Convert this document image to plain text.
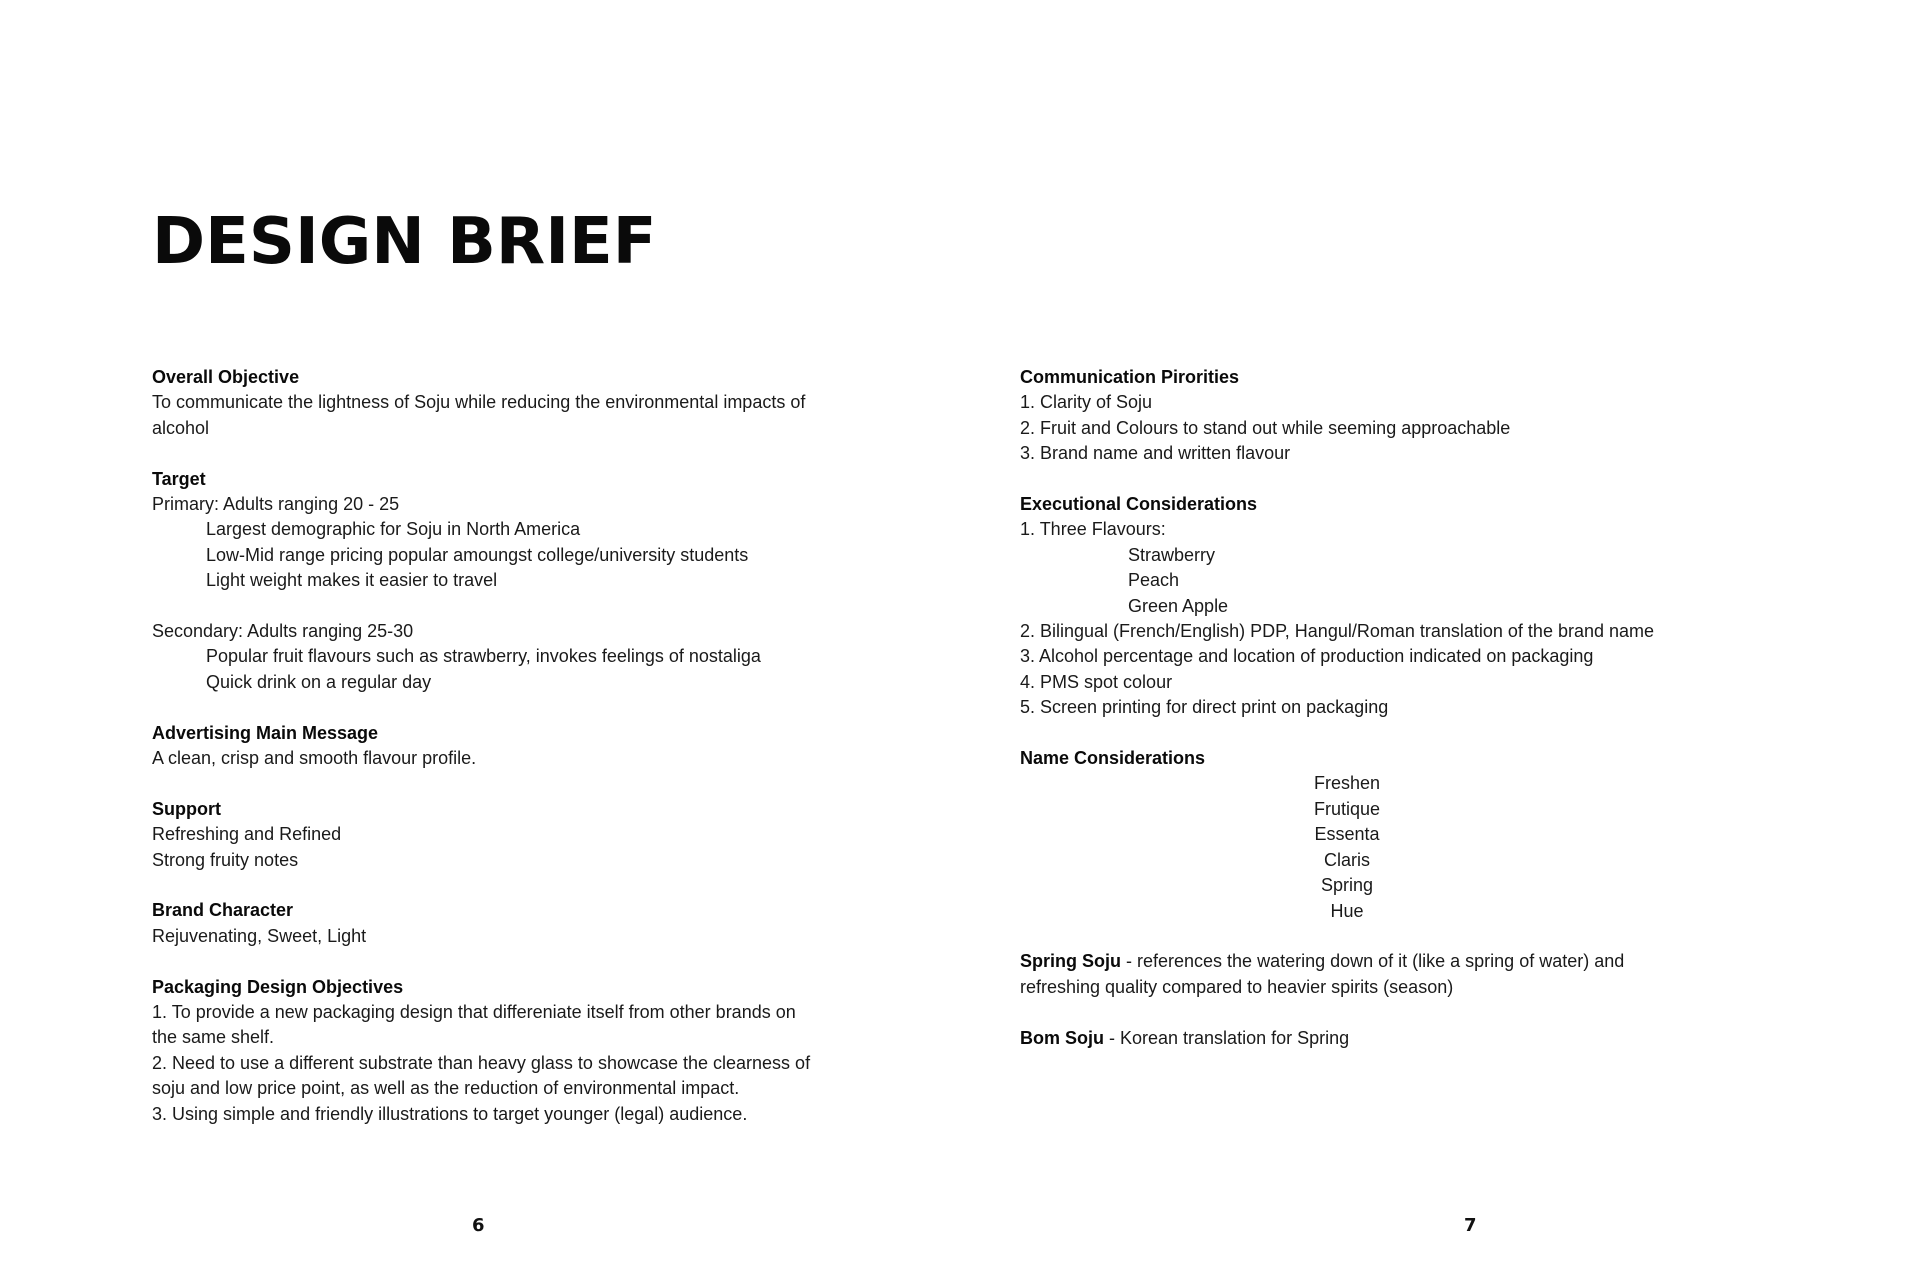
DESIGN BRIEF
Overall Objective
To communicate the lightness of Soju while reducing the environmental impacts of alcohol
Target
Primary: Adults ranging 20 - 25
Largest demographic for Soju in North America
Low-Mid range pricing popular amoungst college/university students
Light weight makes it easier to travel
Secondary: Adults ranging 25-30
Popular fruit flavours such as strawberry, invokes feelings of nostaliga
Quick drink on a regular day
Advertising Main Message
A clean, crisp and smooth flavour profile.
Support
Refreshing and Refined
Strong fruity notes
Brand Character
Rejuvenating, Sweet, Light
Packaging Design Objectives
1. To provide a new packaging design that differeniate itself from other brands on the same shelf.
2. Need to use a different substrate than heavy glass to showcase the clearness of soju and low price point, as well as the reduction of environmental impact.
3. Using simple and friendly illustrations to target younger (legal) audience.
Communication Pirorities
1. Clarity of Soju
2. Fruit and Colours to stand out while seeming approachable
3. Brand name and written flavour
Executional Considerations
1. Three Flavours:
Strawberry
Peach
Green Apple
2. Bilingual (French/English) PDP, Hangul/Roman translation of the brand name
3. Alcohol percentage and location of production indicated on packaging
4. PMS spot colour
5. Screen printing for direct print on packaging
Name Considerations
Freshen
Frutique
Essenta
Claris
Spring
Hue
Spring Soju - references the watering down of it (like a spring of water) and refreshing quality compared to heavier spirits (season)
Bom Soju - Korean translation for Spring
6	7
